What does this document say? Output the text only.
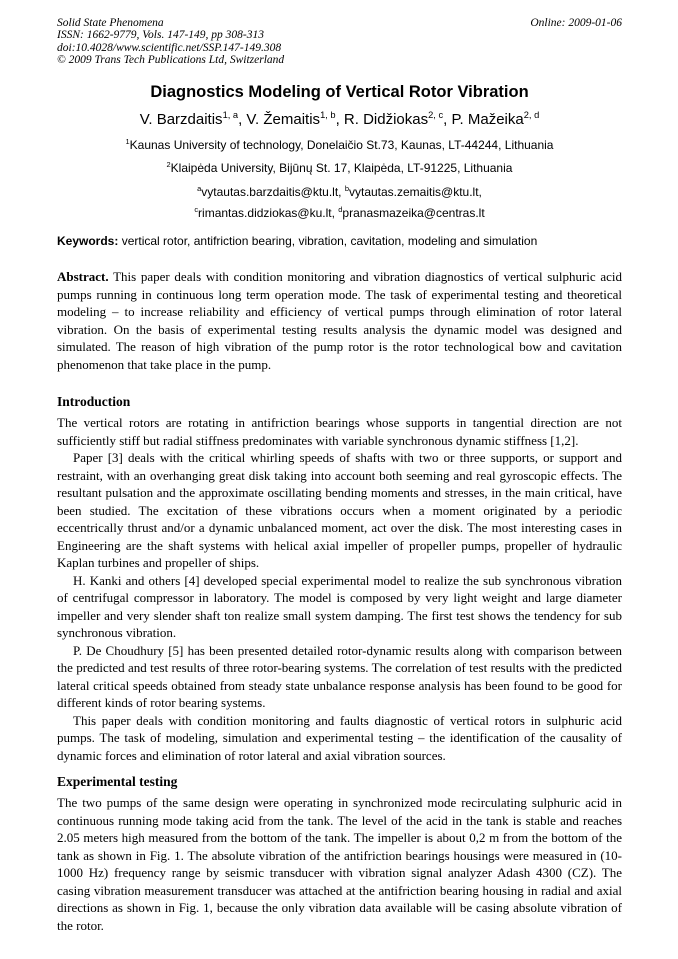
Solid State Phenomena
ISSN: 1662-9779, Vols. 147-149, pp 308-313
doi:10.4028/www.scientific.net/SSP.147-149.308
© 2009 Trans Tech Publications Ltd, Switzerland
Online: 2009-01-06
Diagnostics Modeling of Vertical Rotor Vibration
V. Barzdaitis$^{1, a}$, V. Žemaitis$^{1, b}$, R. Didžiokas$^{2, c}$, P. Mažeika$^{2, d}$
$^1$Kaunas University of technology, Donelaičio St.73, Kaunas, LT-44244, Lithuania
$^2$Klaipėda University, Bijūnų St. 17, Klaipėda, LT-91225, Lithuania
$^a$vytautas.barzdaitis@ktu.lt, $^b$vytautas.zemaitis@ktu.lt,
$^c$rimantas.didziokas@ku.lt, $^d$pranasmazeika@centras.lt
Keywords: vertical rotor, antifriction bearing, vibration, cavitation, modeling and simulation
Abstract. This paper deals with condition monitoring and vibration diagnostics of vertical sulphuric acid pumps running in continuous long term operation mode. The task of experimental testing and theoretical modeling – to increase reliability and efficiency of vertical pumps through elimination of rotor lateral vibration. On the basis of experimental testing results analysis the dynamic model was designed and simulated. The reason of high vibration of the pump rotor is the rotor technological bow and cavitation phenomenon that take place in the pump.
Introduction

The vertical rotors are rotating in antifriction bearings whose supports in tangential direction are not sufficiently stiff but radial stiffness predominates with variable synchronous dynamic stiffness [1,2].

Paper [3] deals with the critical whirling speeds of shafts with two or three supports, or support and restraint, with an overhanging great disk taking into account both seeming and real gyroscopic effects. The resultant pulsation and the approximate oscillating bending moments and stresses, in the main critical, have been studied. The excitation of these vibrations occurs when a moment originated by a periodic eccentrically thrust and/or a dynamic unbalanced moment, act over the disk. The most interesting cases in Engineering are the shaft systems with helical axial impeller of propeller pumps, propeller of hydraulic Kaplan turbines and propeller of ships.

H. Kanki and others [4] developed special experimental model to realize the sub synchronous vibration of centrifugal compressor in laboratory. The model is composed by very light weight and large diameter impeller and very slender shaft ton realize small system damping. The first test shows the tendency for sub synchronous vibration.

P. De Choudhury [5] has been presented detailed rotor-dynamic results along with comparison between the predicted and test results of three rotor-bearing systems. The correlation of test results with the predicted lateral critical speeds obtained from steady state unbalance response analysis has been found to be good for different kinds of rotor bearing systems.

This paper deals with condition monitoring and faults diagnostic of vertical rotors in sulphuric acid pumps. The task of modeling, simulation and experimental testing – the identification of the causality of dynamic forces and elimination of rotor lateral and axial vibration sources.

Experimental testing

The two pumps of the same design were operating in synchronized mode recirculating sulphuric acid in continuous running mode taking acid from the tank. The level of the acid in the tank is stable and reaches 2.05 meters high measured from the bottom of the tank. The impeller is about 0,2 m from the bottom of the tank as shown in Fig. 1. The absolute vibration of the antifriction bearings housings were measured in (10-1000 Hz) frequency range by seismic transducer with vibration signal analyzer Adash 4300 (CZ). The casing vibration measurement transducer was attached at the antifriction bearing housing in radial and axial directions as shown in Fig. 1, because the only vibration data available will be casing absolute vibration of the rotor.
